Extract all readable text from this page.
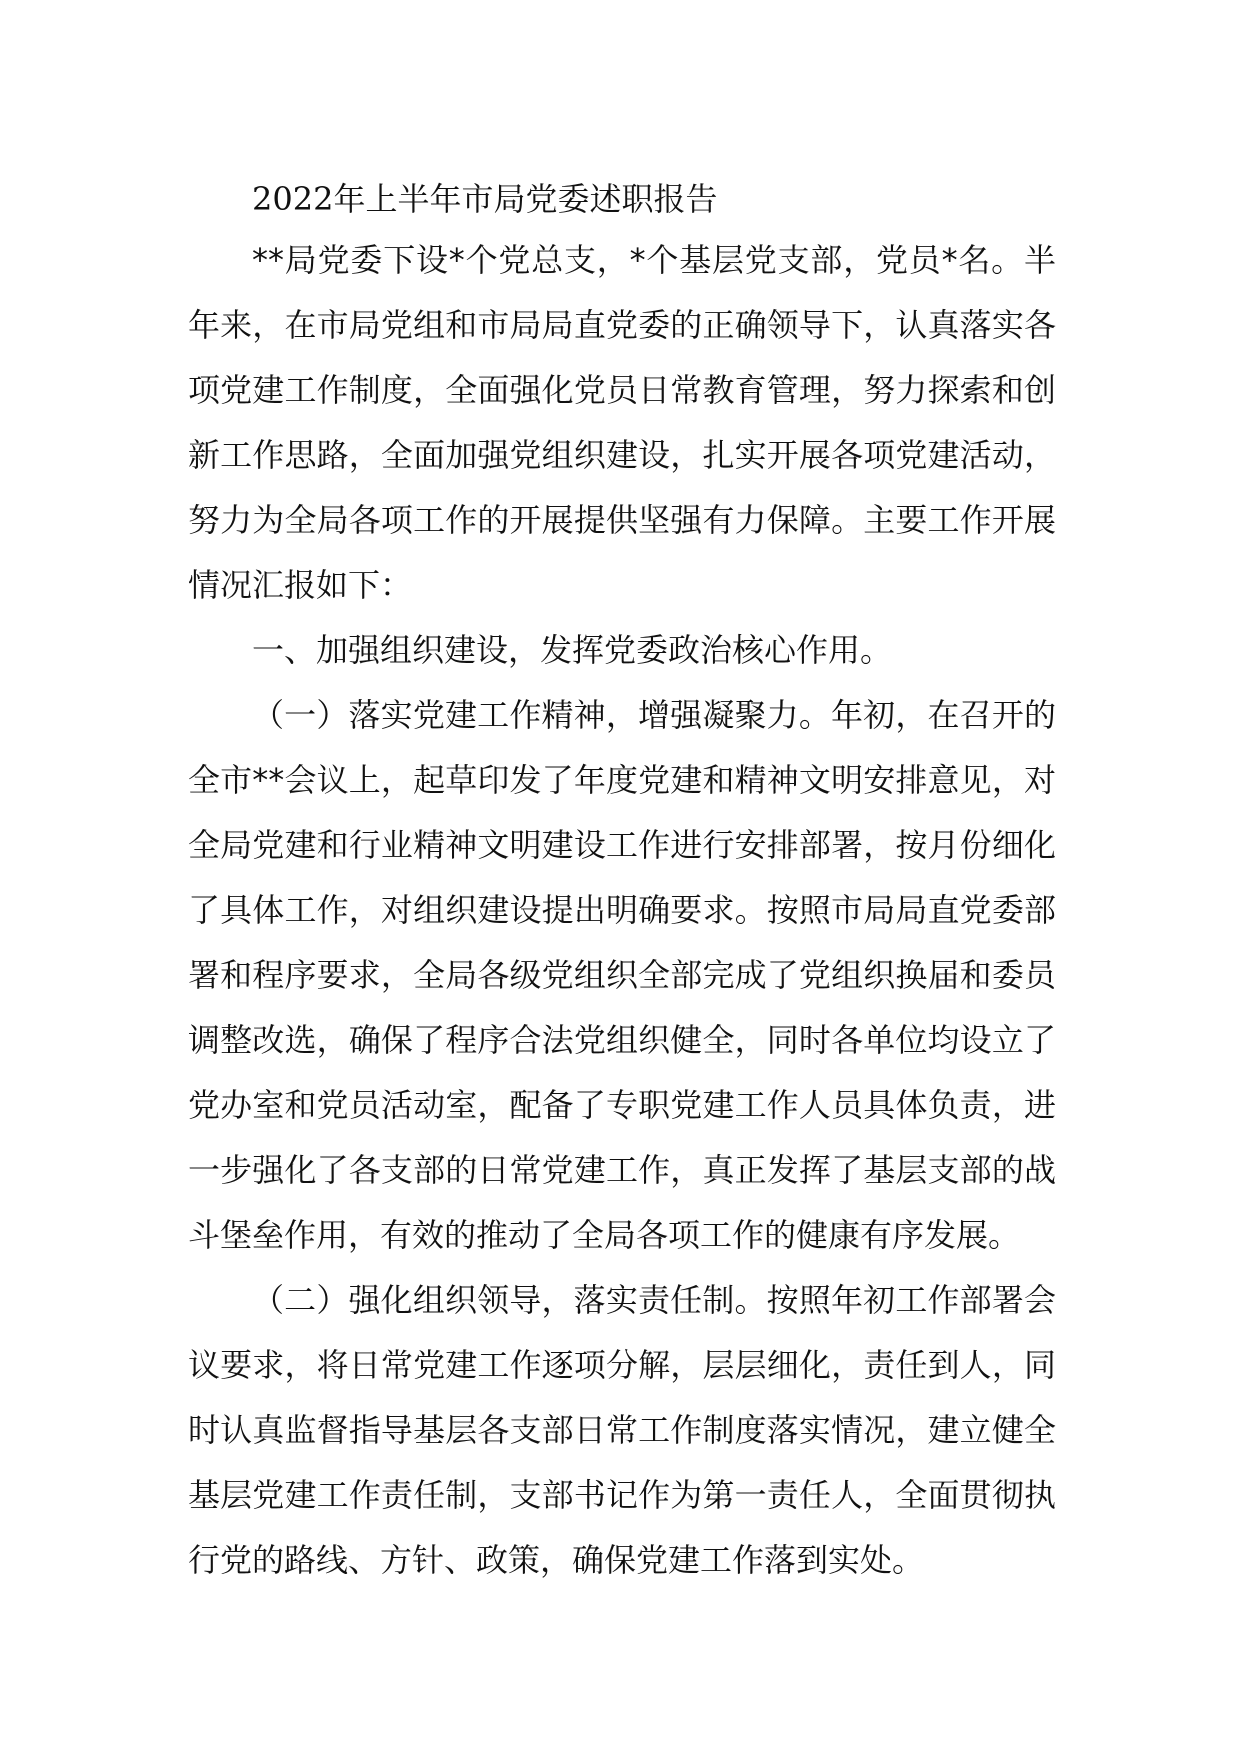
2022年上半年市局党委述职报告

**局党委下设*个党总支，*个基层党支部，党员*名。半年来，在市局党组和市局局直党委的正确领导下，认真落实各项党建工作制度，全面强化党员日常教育管理，努力探索和创新工作思路，全面加强党组织建设，扎实开展各项党建活动，努力为全局各项工作的开展提供坚强有力保障。主要工作开展情况汇报如下：

一、加强组织建设，发挥党委政治核心作用。

（一）落实党建工作精神，增强凝聚力。年初，在召开的全市**会议上，起草印发了年度党建和精神文明安排意见，对全局党建和行业精神文明建设工作进行安排部署，按月份细化了具体工作，对组织建设提出明确要求。按照市局局直党委部署和程序要求，全局各级党组织全部完成了党组织换届和委员调整改选，确保了程序合法党组织健全，同时各单位均设立了党办室和党员活动室，配备了专职党建工作人员具体负责，进一步强化了各支部的日常党建工作，真正发挥了基层支部的战斗堡垒作用，有效的推动了全局各项工作的健康有序发展。

（二）强化组织领导，落实责任制。按照年初工作部署会议要求，将日常党建工作逐项分解，层层细化，责任到人，同时认真监督指导基层各支部日常工作制度落实情况，建立健全基层党建工作责任制，支部书记作为第一责任人，全面贯彻执行党的路线、方针、政策，确保党建工作落到实处。
